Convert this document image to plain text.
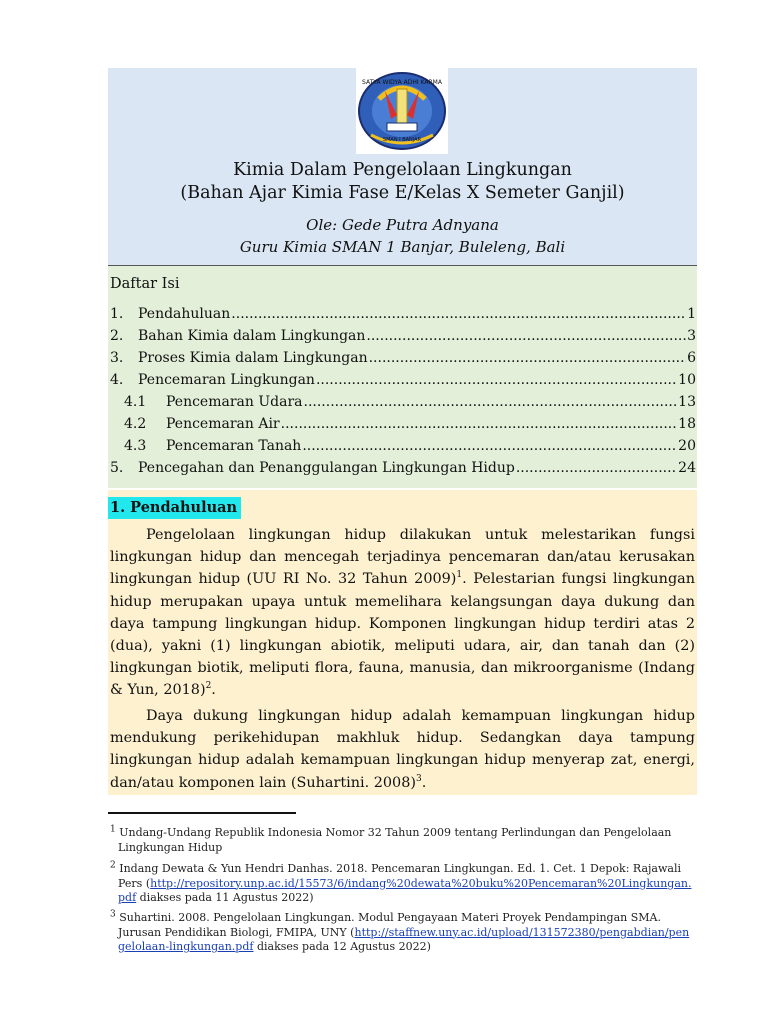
SATYA WIDYA ADHI KARMA
SMAN I BANJAR
Kimia Dalam Pengelolaan Lingkungan
(Bahan Ajar Kimia Fase E/Kelas X Semeter Ganjil)
Ole: Gede Putra Adnyana
Guru Kimia SMAN 1 Banjar, Buleleng, Bali
Daftar Isi
1.	Pendahuluan .....	1
2.	Bahan Kimia dalam Lingkungan .....	3
3.	Proses Kimia dalam Lingkungan .....	6
4.	Pencemaran Lingkungan .....	10
4.1	Pencemaran Udara .....	13
4.2	Pencemaran Air .....	18
4.3	Pencemaran Tanah .....	20
5.	Pencegahan dan Penanggulangan Lingkungan Hidup .....	24
1. Pendahuluan

Pengelolaan lingkungan hidup dilakukan untuk melestarikan fungsi lingkungan hidup dan mencegah terjadinya pencemaran dan/atau kerusakan lingkungan hidup (UU RI No. 32 Tahun 2009)$^1$. Pelestarian fungsi lingkungan hidup merupakan upaya untuk memelihara kelangsungan daya dukung dan daya tampung lingkungan hidup. Komponen lingkungan hidup terdiri atas 2 (dua), yakni (1) lingkungan abiotik, meliputi udara, air, dan tanah dan (2) lingkungan biotik, meliputi flora, fauna, manusia, dan mikroorganisme (Indang & Yun, 2018)$^2$.

Daya dukung lingkungan hidup adalah kemampuan lingkungan hidup mendukung perikehidupan makhluk hidup. Sedangkan daya tampung lingkungan hidup adalah kemampuan lingkungan hidup menyerap zat, energi, dan/atau komponen lain (Suhartini. 2008)$^3$.

$^1$ Undang-Undang Republik Indonesia Nomor 32 Tahun 2009 tentang Perlindungan dan Pengelolaan Lingkungan Hidup
$^2$ Indang Dewata & Yun Hendri Danhas. 2018. Pencemaran Lingkungan. Ed. 1. Cet. 1 Depok: Rajawali Pers (http://repository.unp.ac.id/15573/6/indang%20dewata%20buku%20Pencemaran%20Lingkungan.pdf diakses pada 11 Agustus 2022)
$^3$ Suhartini. 2008. Pengelolaan Lingkungan. Modul Pengayaan Materi Proyek Pendampingan SMA. Jurusan Pendidikan Biologi, FMIPA, UNY (http://staffnew.uny.ac.id/upload/131572380/pengabdian/pengelolaan-lingkungan.pdf diakses pada 12 Agustus 2022)
